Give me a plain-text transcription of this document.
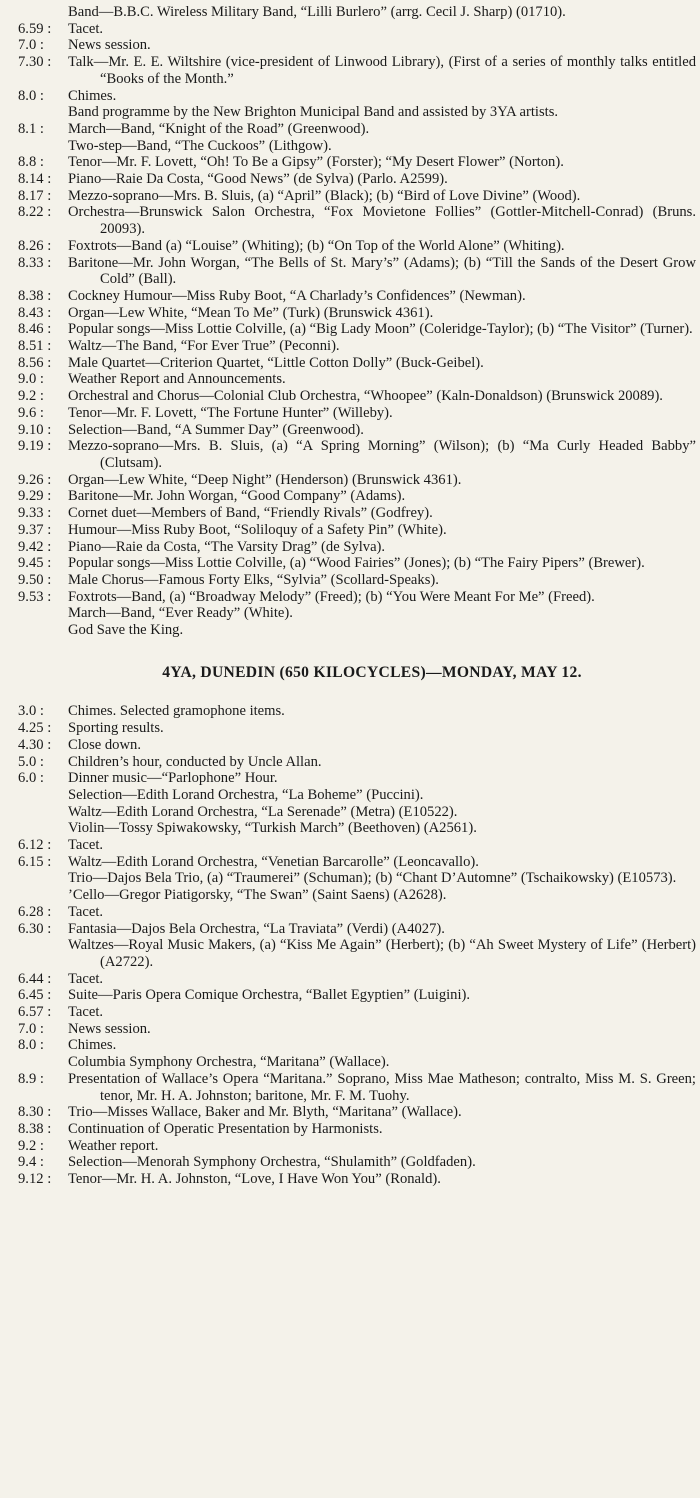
Band—B.B.C. Wireless Military Band, “Lilli Burlero” (arrg. Cecil J. Sharp) (01710).
6.59 :	Tacet.
7.0 :	News session.
7.30 :	Talk—Mr. E. E. Wiltshire (vice-president of Linwood Library), (First of a series of monthly talks entitled “Books of the Month.”
8.0 :	Chimes.
Band programme by the New Brighton Municipal Band and assisted by 3YA artists.
8.1 :	March—Band, “Knight of the Road” (Greenwood).
Two-step—Band, “The Cuckoos” (Lithgow).
8.8 :	Tenor—Mr. F. Lovett, “Oh! To Be a Gipsy” (Forster); “My Desert Flower” (Norton).
8.14 :	Piano—Raie Da Costa, “Good News” (de Sylva) (Parlo. A2599).
8.17 :	Mezzo-soprano—Mrs. B. Sluis, (a) “April” (Black); (b) “Bird of Love Divine” (Wood).
8.22 :	Orchestra—Brunswick Salon Orchestra, “Fox Movietone Follies” (Gottler-Mitchell-Conrad) (Bruns. 20093).
8.26 :	Foxtrots—Band (a) “Louise” (Whiting); (b) “On Top of the World Alone” (Whiting).
8.33 :	Baritone—Mr. John Worgan, “The Bells of St. Mary’s” (Adams); (b) “Till the Sands of the Desert Grow Cold” (Ball).
8.38 :	Cockney Humour—Miss Ruby Boot, “A Charlady’s Confidences” (Newman).
8.43 :	Organ—Lew White, “Mean To Me” (Turk) (Brunswick 4361).
8.46 :	Popular songs—Miss Lottie Colville, (a) “Big Lady Moon” (Coleridge-Taylor); (b) “The Visitor” (Turner).
8.51 :	Waltz—The Band, “For Ever True” (Peconni).
8.56 :	Male Quartet—Criterion Quartet, “Little Cotton Dolly” (Buck-Geibel).
9.0 :	Weather Report and Announcements.
9.2 :	Orchestral and Chorus—Colonial Club Orchestra, “Whoopee” (Kaln-Donaldson) (Brunswick 20089).
9.6 :	Tenor—Mr. F. Lovett, “The Fortune Hunter” (Willeby).
9.10 :	Selection—Band, “A Summer Day” (Greenwood).
9.19 :	Mezzo-soprano—Mrs. B. Sluis, (a) “A Spring Morning” (Wilson); (b) “Ma Curly Headed Babby” (Clutsam).
9.26 :	Organ—Lew White, “Deep Night” (Henderson) (Brunswick 4361).
9.29 :	Baritone—Mr. John Worgan, “Good Company” (Adams).
9.33 :	Cornet duet—Members of Band, “Friendly Rivals” (Godfrey).
9.37 :	Humour—Miss Ruby Boot, “Soliloquy of a Safety Pin” (White).
9.42 :	Piano—Raie da Costa, “The Varsity Drag” (de Sylva).
9.45 :	Popular songs—Miss Lottie Colville, (a) “Wood Fairies” (Jones); (b) “The Fairy Pipers” (Brewer).
9.50 :	Male Chorus—Famous Forty Elks, “Sylvia” (Scollard-Speaks).
9.53 :	Foxtrots—Band, (a) “Broadway Melody” (Freed); (b) “You Were Meant For Me” (Freed).
March—Band, “Ever Ready” (White).
God Save the King.
4YA, DUNEDIN (650 KILOCYCLES)—MONDAY, MAY 12.
3.0 :	Chimes. Selected gramophone items.
4.25 :	Sporting results.
4.30 :	Close down.
5.0 :	Children’s hour, conducted by Uncle Allan.
6.0 :	Dinner music—“Parlophone” Hour.
Selection—Edith Lorand Orchestra, “La Boheme” (Puccini).
Waltz—Edith Lorand Orchestra, “La Serenade” (Metra) (E10522).
Violin—Tossy Spiwakowsky, “Turkish March” (Beethoven) (A2561).
6.12 :	Tacet.
6.15 :	Waltz—Edith Lorand Orchestra, “Venetian Barcarolle” (Leoncavallo).
Trio—Dajos Bela Trio, (a) “Traumerei” (Schuman); (b) “Chant D’Automne” (Tschaikowsky) (E10573).
’Cello—Gregor Piatigorsky, “The Swan” (Saint Saens) (A2628).
6.28 :	Tacet.
6.30 :	Fantasia—Dajos Bela Orchestra, “La Traviata” (Verdi) (A4027).
Waltzes—Royal Music Makers, (a) “Kiss Me Again” (Herbert); (b) “Ah Sweet Mystery of Life” (Herbert) (A2722).
6.44 :	Tacet.
6.45 :	Suite—Paris Opera Comique Orchestra, “Ballet Egyptien” (Luigini).
6.57 :	Tacet.
7.0 :	News session.
8.0 :	Chimes.
Columbia Symphony Orchestra, “Maritana” (Wallace).
8.9 :	Presentation of Wallace’s Opera “Maritana.” Soprano, Miss Mae Matheson; contralto, Miss M. S. Green; tenor, Mr. H. A. Johnston; baritone, Mr. F. M. Tuohy.
8.30 :	Trio—Misses Wallace, Baker and Mr. Blyth, “Maritana” (Wallace).
8.38 :	Continuation of Operatic Presentation by Harmonists.
9.2 :	Weather report.
9.4 :	Selection—Menorah Symphony Orchestra, “Shulamith” (Goldfaden).
9.12 :	Tenor—Mr. H. A. Johnston, “Love, I Have Won You” (Ronald).
